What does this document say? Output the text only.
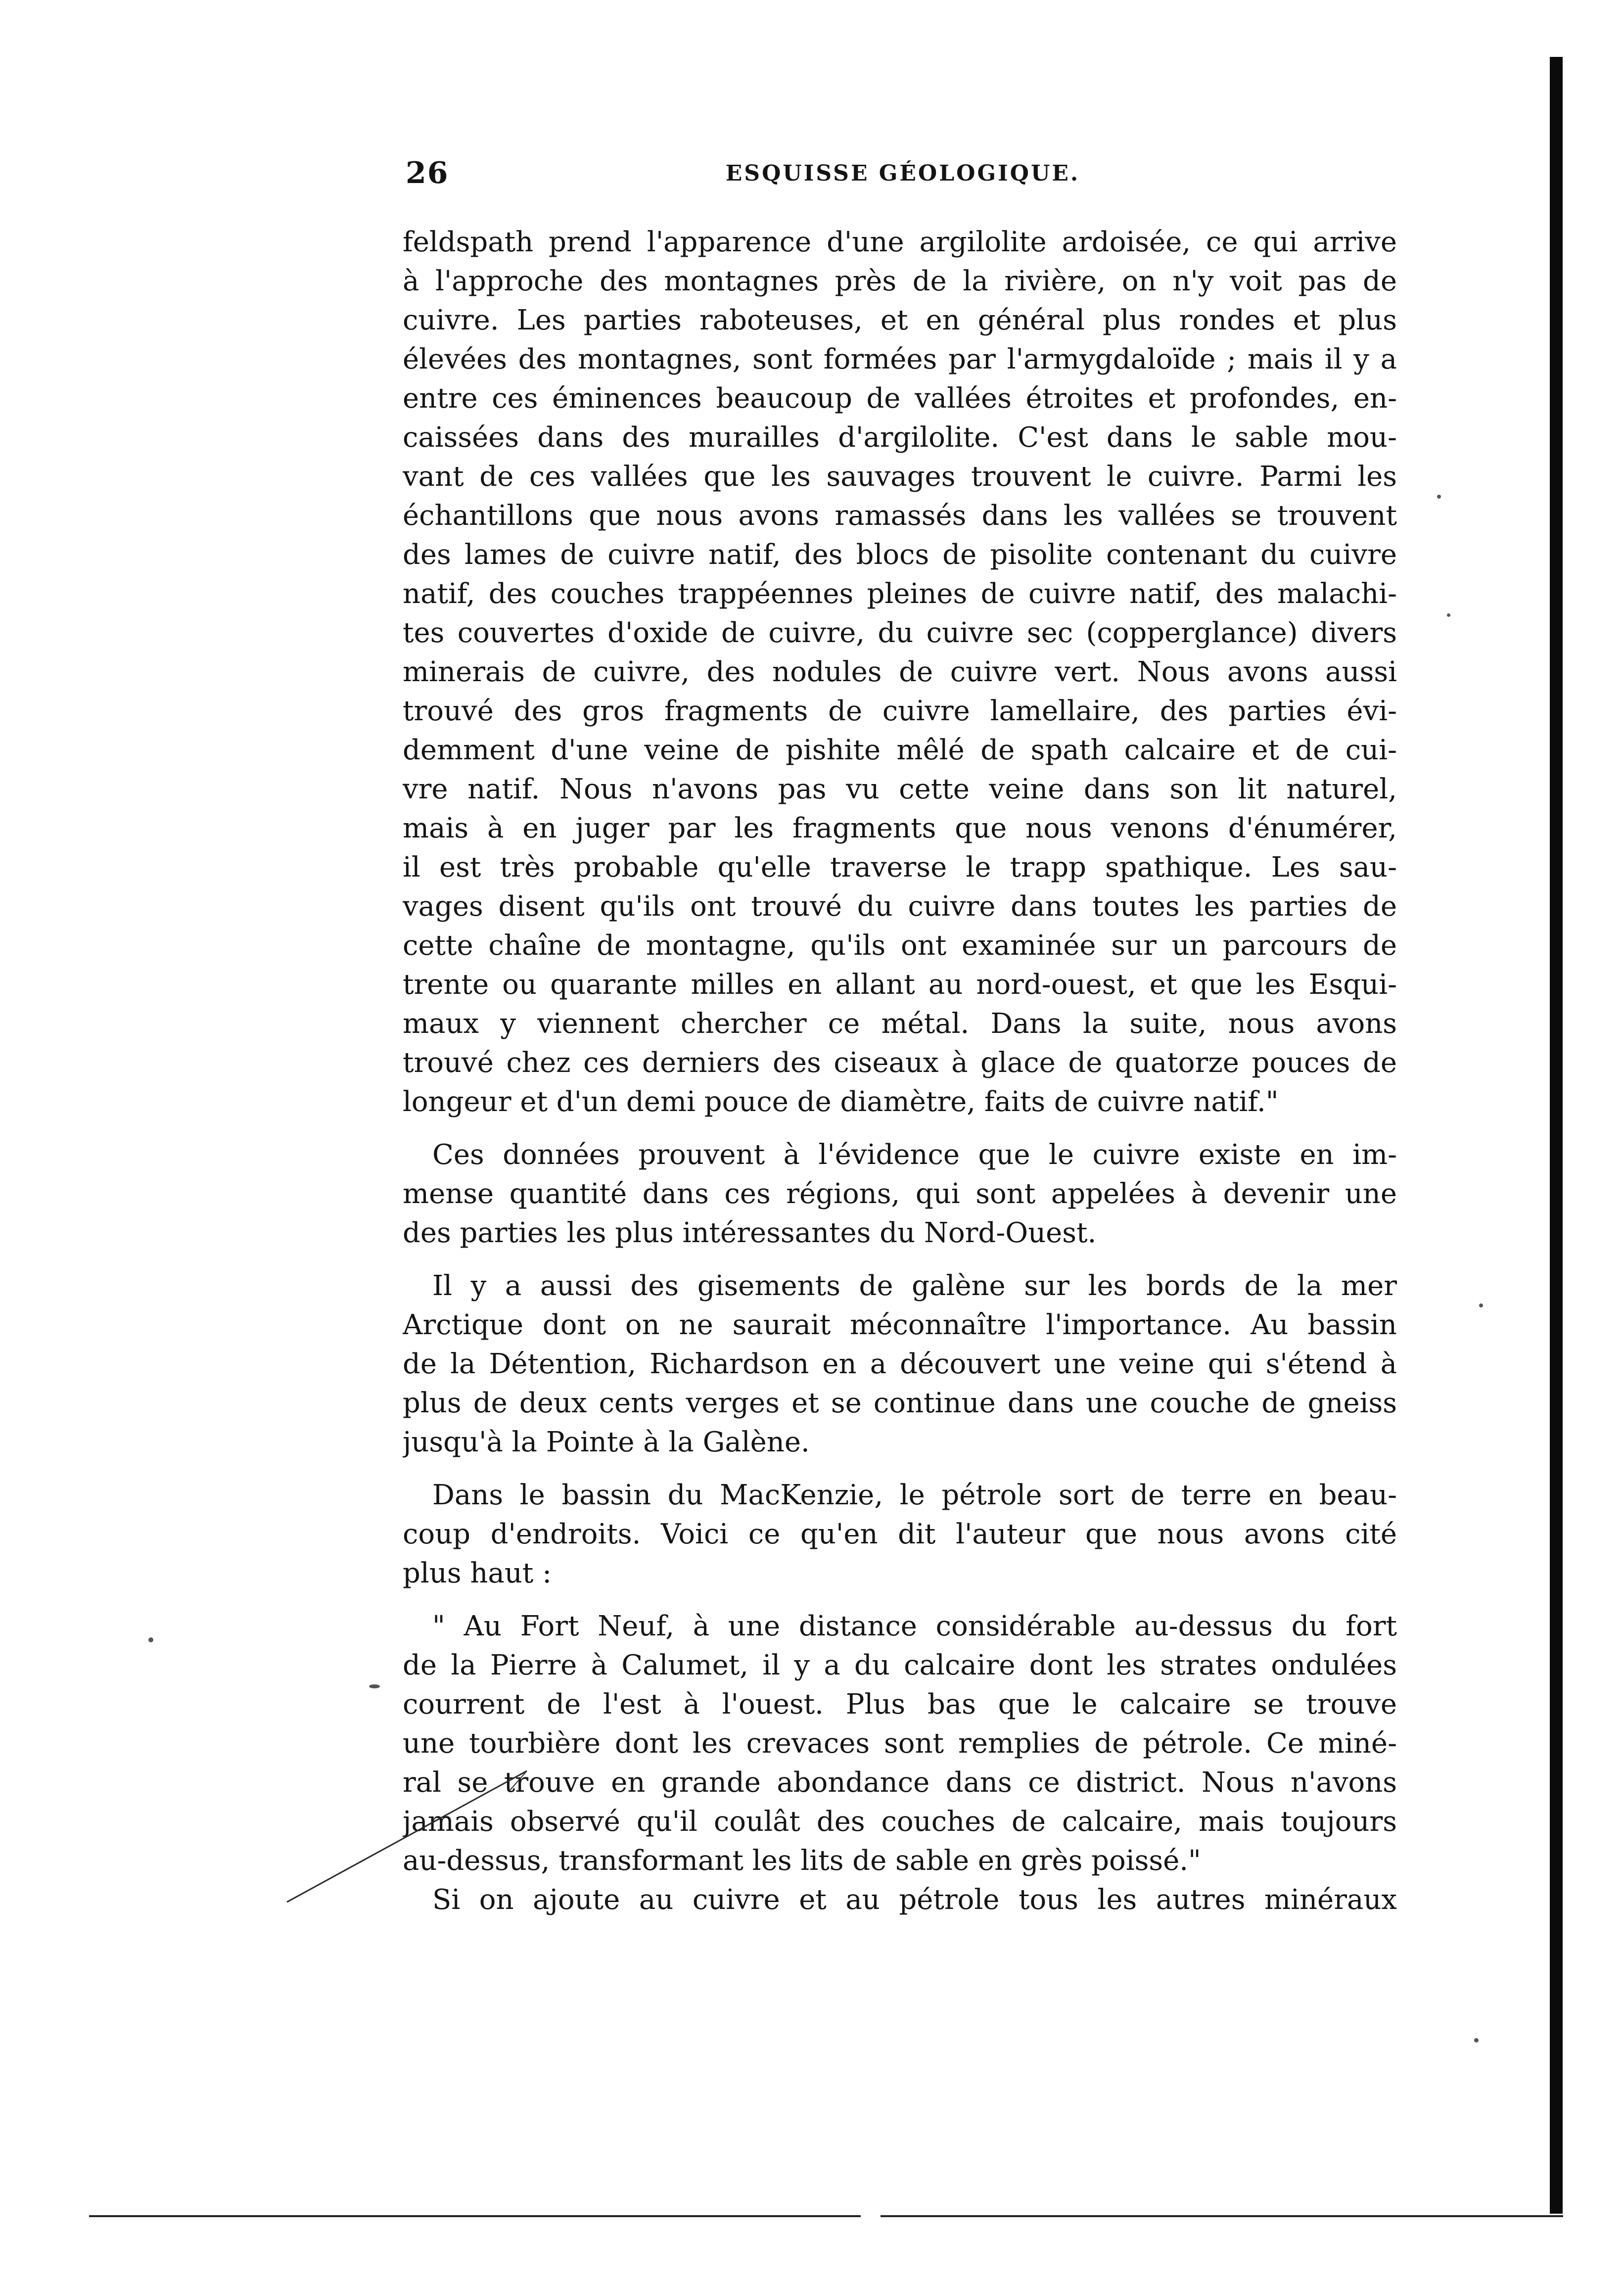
26	ESQUISSE GÉOLOGIQUE.
feldspath prend l'apparence d'une argilolite ardoisée, ce qui arrive
à l'approche des montagnes près de la rivière, on n'y voit pas de
cuivre. Les parties raboteuses, et en général plus rondes et plus
élevées des montagnes, sont formées par l'armygdaloïde ; mais il y a
entre ces éminences beaucoup de vallées étroites et profondes, en-
caissées dans des murailles d'argilolite. C'est dans le sable mou-
vant de ces vallées que les sauvages trouvent le cuivre. Parmi les
échantillons que nous avons ramassés dans les vallées se trouvent
des lames de cuivre natif, des blocs de pisolite contenant du cuivre
natif, des couches trappéennes pleines de cuivre natif, des malachi-
tes couvertes d'oxide de cuivre, du cuivre sec (copperglance) divers
minerais de cuivre, des nodules de cuivre vert. Nous avons aussi
trouvé des gros fragments de cuivre lamellaire, des parties évi-
demment d'une veine de pishite mêlé de spath calcaire et de cui-
vre natif. Nous n'avons pas vu cette veine dans son lit naturel,
mais à en juger par les fragments que nous venons d'énumérer,
il est très probable qu'elle traverse le trapp spathique. Les sau-
vages disent qu'ils ont trouvé du cuivre dans toutes les parties de
cette chaîne de montagne, qu'ils ont examinée sur un parcours de
trente ou quarante milles en allant au nord-ouest, et que les Esqui-
maux y viennent chercher ce métal. Dans la suite, nous avons
trouvé chez ces derniers des ciseaux à glace de quatorze pouces de
longeur et d'un demi pouce de diamètre, faits de cuivre natif."
Ces données prouvent à l'évidence que le cuivre existe en im-
mense quantité dans ces régions, qui sont appelées à devenir une
des parties les plus intéressantes du Nord-Ouest.
Il y a aussi des gisements de galène sur les bords de la mer
Arctique dont on ne saurait méconnaître l'importance. Au bassin
de la Détention, Richardson en a découvert une veine qui s'étend à
plus de deux cents verges et se continue dans une couche de gneiss
jusqu'à la Pointe à la Galène.
Dans le bassin du MacKenzie, le pétrole sort de terre en beau-
coup d'endroits. Voici ce qu'en dit l'auteur que nous avons cité
plus haut :
" Au Fort Neuf, à une distance considérable au-dessus du fort
de la Pierre à Calumet, il y a du calcaire dont les strates ondulées
courrent de l'est à l'ouest. Plus bas que le calcaire se trouve
une tourbière dont les crevaces sont remplies de pétrole. Ce miné-
ral se trouve en grande abondance dans ce district. Nous n'avons
jamais observé qu'il coulât des couches de calcaire, mais toujours
au-dessus, transformant les lits de sable en grès poissé."
Si on ajoute au cuivre et au pétrole tous les autres minéraux
